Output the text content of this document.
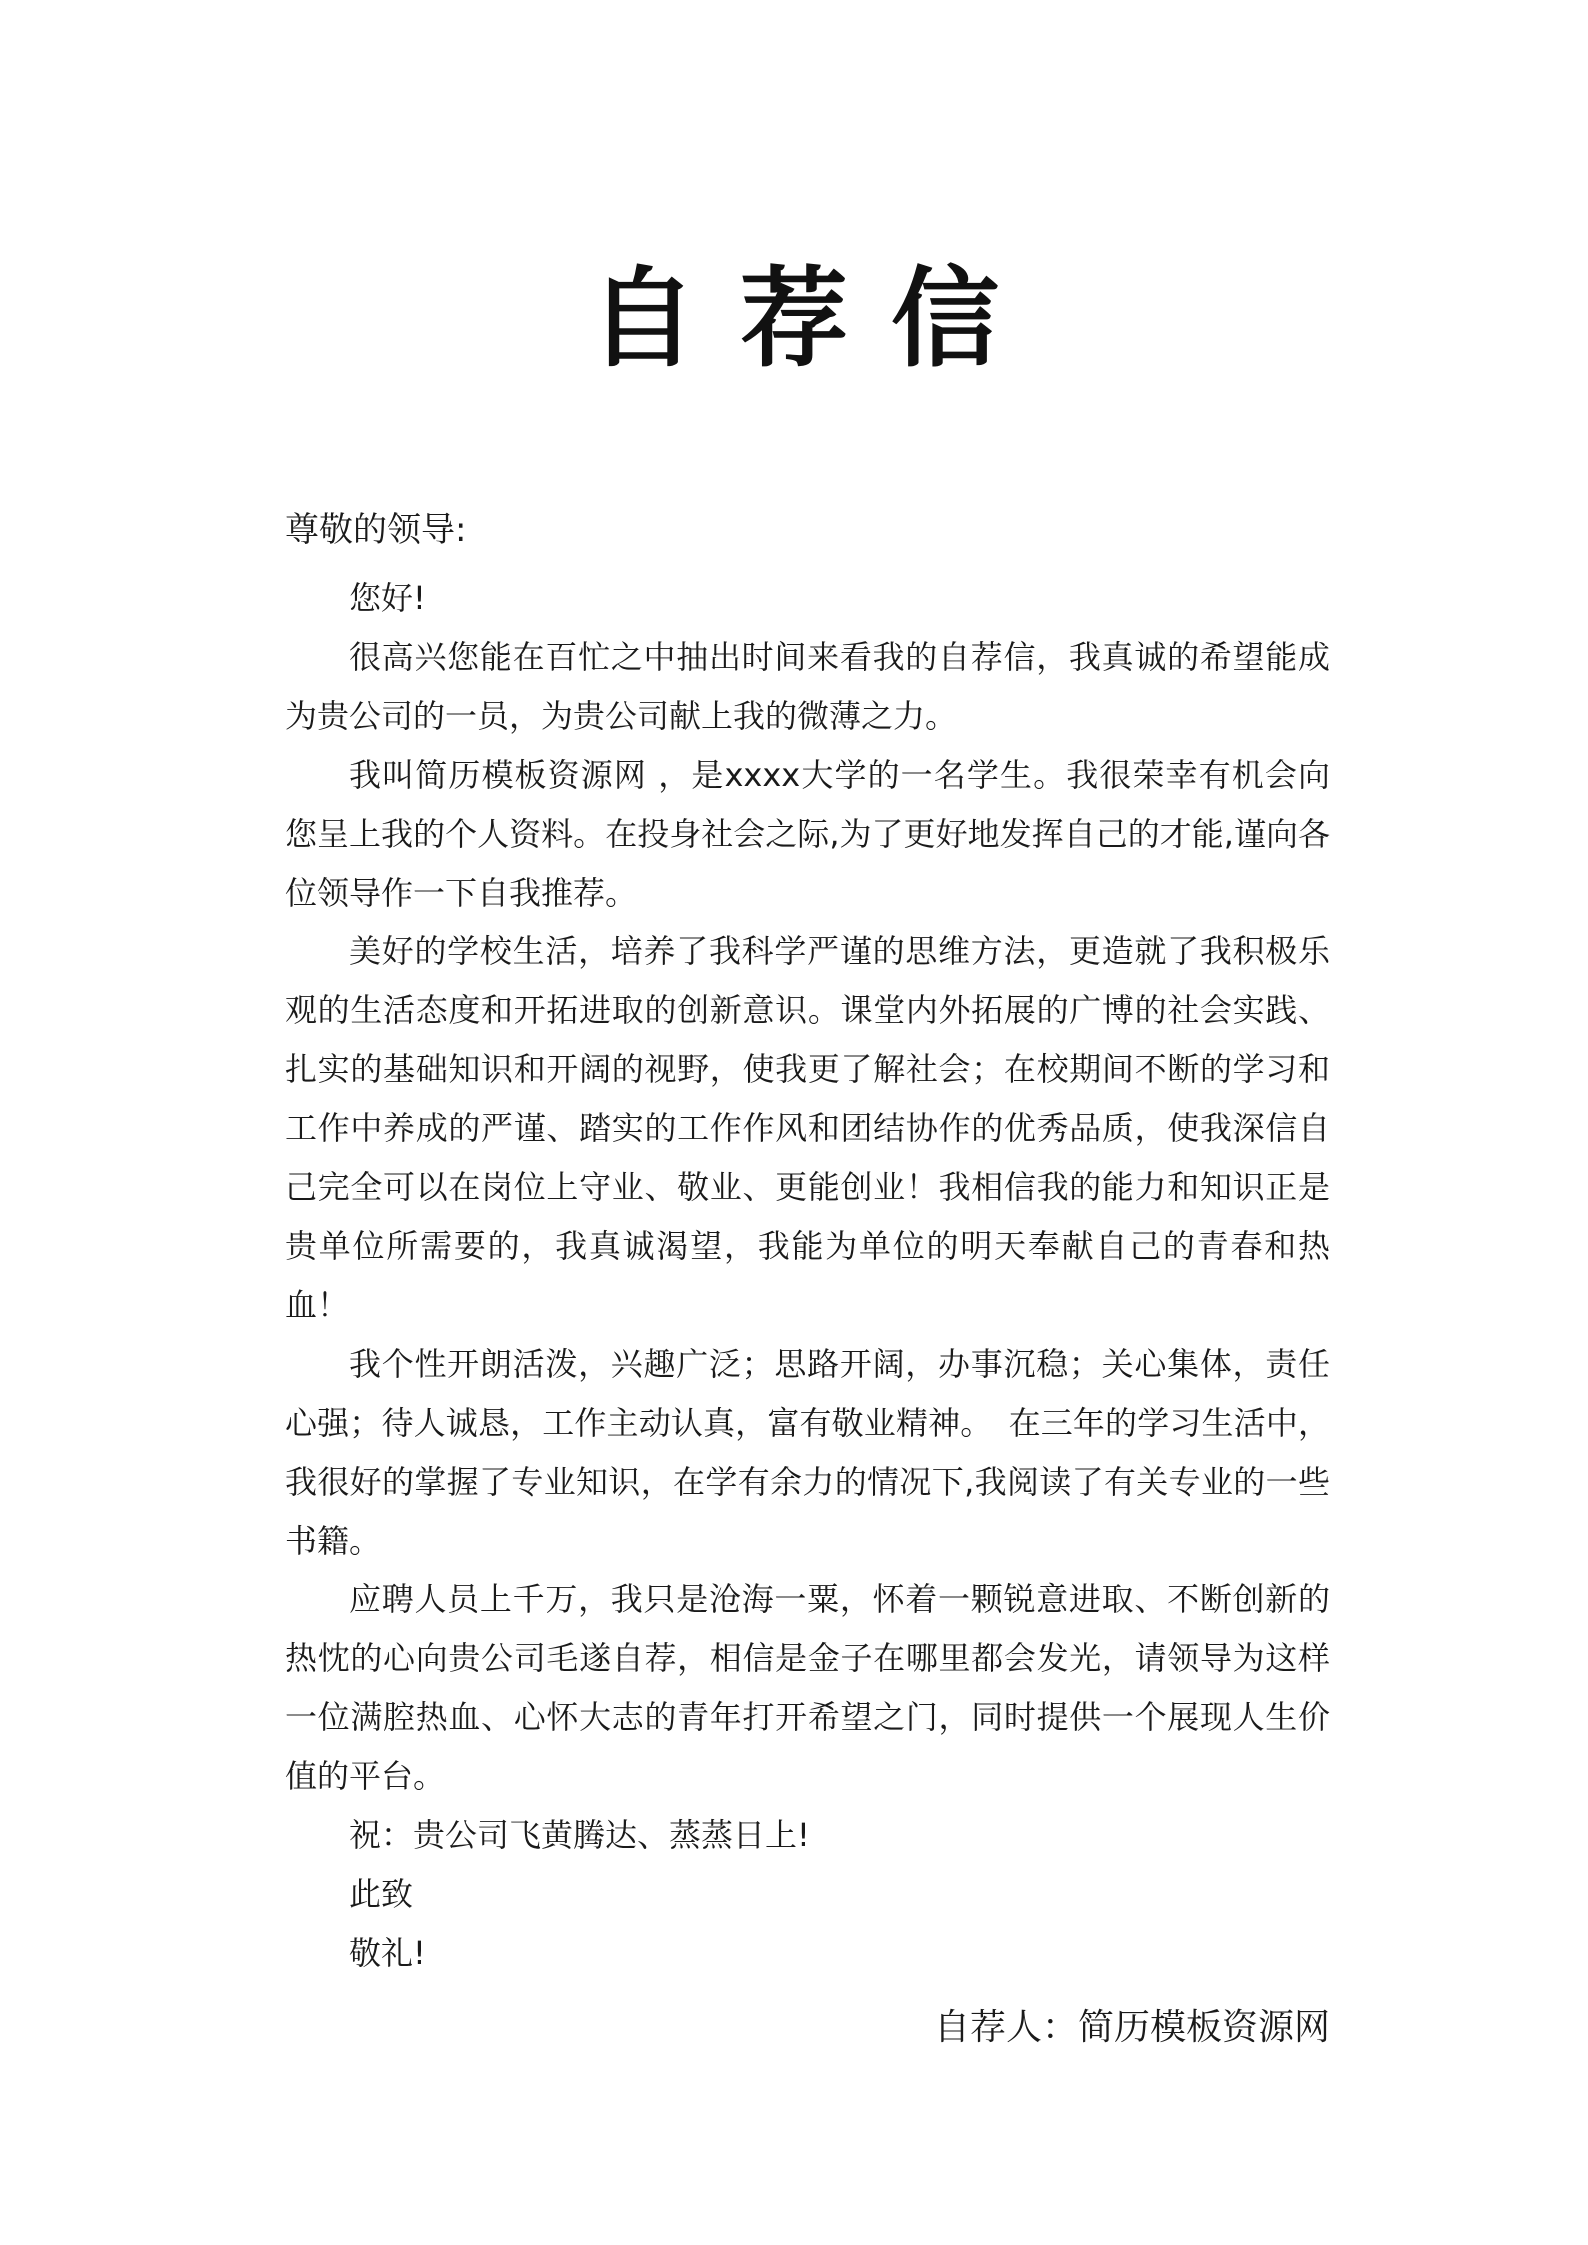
自荐信

尊敬的领导:

您好!

很高兴您能在百忙之中抽出时间来看我的自荐信，我真诚的希望能成为贵公司的一员，为贵公司献上我的微薄之力。

我叫简历模板资源网 ，是xxxx大学的一名学生。我很荣幸有机会向您呈上我的个人资料。在投身社会之际,为了更好地发挥自己的才能,谨向各位领导作一下自我推荐。

美好的学校生活，培养了我科学严谨的思维方法，更造就了我积极乐观的生活态度和开拓进取的创新意识。课堂内外拓展的广博的社会实践、扎实的基础知识和开阔的视野，使我更了解社会；在校期间不断的学习和工作中养成的严谨、踏实的工作作风和团结协作的优秀品质，使我深信自己完全可以在岗位上守业、敬业、更能创业！我相信我的能力和知识正是贵单位所需要的，我真诚渴望，我能为单位的明天奉献自己的青春和热血！

我个性开朗活泼，兴趣广泛；思路开阔，办事沉稳；关心集体，责任心强；待人诚恳，工作主动认真，富有敬业精神。　在三年的学习生活中，我很好的掌握了专业知识，在学有余力的情况下,我阅读了有关专业的一些书籍。

应聘人员上千万，我只是沧海一粟，怀着一颗锐意进取、不断创新的热忱的心向贵公司毛遂自荐，相信是金子在哪里都会发光，请领导为这样一位满腔热血、心怀大志的青年打开希望之门，同时提供一个展现人生价值的平台。

祝：贵公司飞黄腾达、蒸蒸日上!

此致

敬礼!

自荐人：简历模板资源网
